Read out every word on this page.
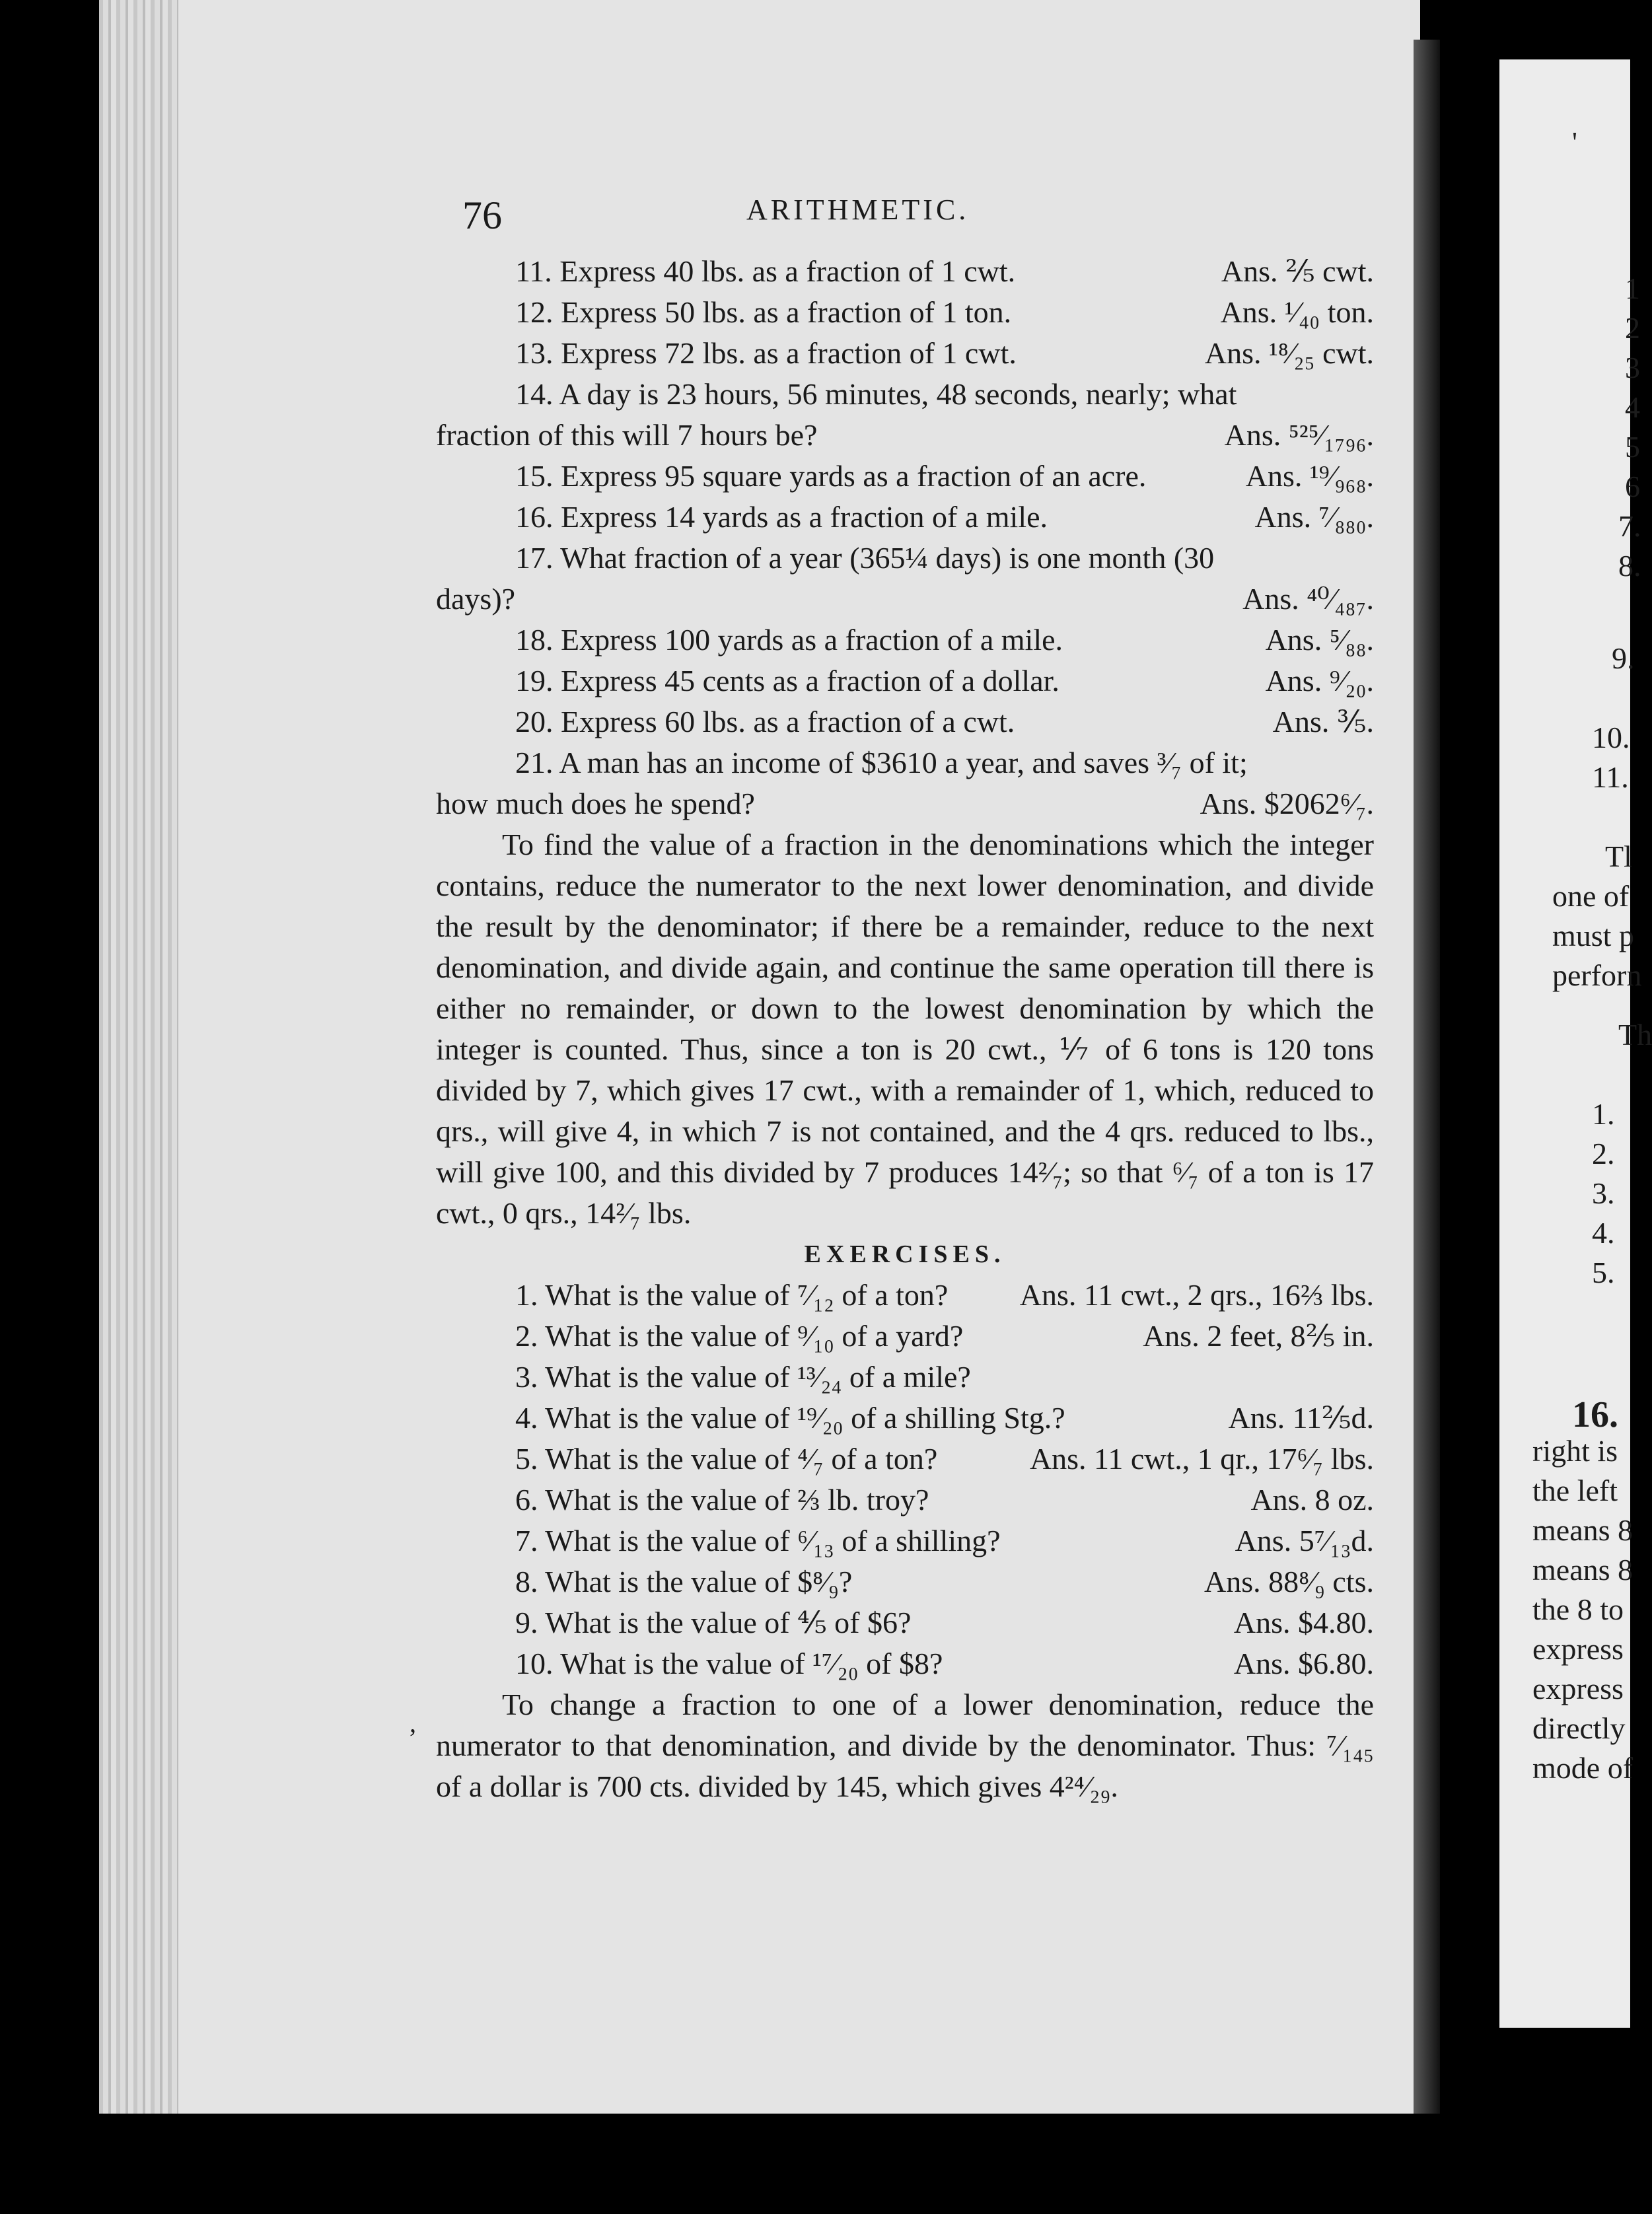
'
1
2
3
4
5
6
7.
8.
9.
10.
11.
Tl
one of
must p
perforn
Th
1.
2.
3.
4.
5.
16.
right is
the left
means 8
means 8
the 8 to
express
express
directly
mode of
76	ARITHMETIC.
,
11. Express 40 lbs. as a fraction of 1 cwt.	Ans. ⅖ cwt.
12. Express 50 lbs. as a fraction of 1 ton.	Ans. ¹⁄₄₀ ton.
13. Express 72 lbs. as a fraction of 1 cwt.	Ans. ¹⁸⁄₂₅ cwt.
14. A day is 23 hours, 56 minutes, 48 seconds, nearly; what
fraction of this will 7 hours be?	Ans. ⁵²⁵⁄₁₇₉₆.
15. Express 95 square yards as a fraction of an acre.	Ans. ¹⁹⁄₉₆₈.
16. Express 14 yards as a fraction of a mile.	Ans. ⁷⁄₈₈₀.
17. What fraction of a year (365¼ days) is one month (30
days)?	Ans. ⁴⁰⁄₄₈₇.
18. Express 100 yards as a fraction of a mile.	Ans. ⁵⁄₈₈.
19. Express 45 cents as a fraction of a dollar.	Ans. ⁹⁄₂₀.
20. Express 60 lbs. as a fraction of a cwt.	Ans. ⅗.
21. A man has an income of $3610 a year, and saves ³⁄₇ of it;
how much does he spend?	Ans. $2062⁶⁄₇.

To find the value of a fraction in the denominations which the integer contains, reduce the numerator to the next lower denomination, and divide the result by the denominator; if there be a remainder, reduce to the next denomination, and divide again, and continue the same operation till there is either no remainder, or down to the lowest denomination by which the integer is counted. Thus, since a ton is 20 cwt., ⅐ of 6 tons is 120 tons divided by 7, which gives 17 cwt., with a remainder of 1, which, reduced to qrs., will give 4, in which 7 is not contained, and the 4 qrs. reduced to lbs., will give 100, and this divided by 7 produces 14²⁄₇; so that ⁶⁄₇ of a ton is 17 cwt., 0 qrs., 14²⁄₇ lbs.

EXERCISES.
1. What is the value of ⁷⁄₁₂ of a ton? Ans. 11 cwt., 2 qrs., 16⅔ lbs.
2. What is the value of ⁹⁄₁₀ of a yard?	Ans. 2 feet, 8⅖ in.
3. What is the value of ¹³⁄₂₄ of a mile?
4. What is the value of ¹⁹⁄₂₀ of a shilling Stg.?	Ans. 11⅖d.
5. What is the value of ⁴⁄₇ of a ton?	Ans. 11 cwt., 1 qr., 17⁶⁄₇ lbs.
6. What is the value of ⅔ lb. troy?	Ans. 8 oz.
7. What is the value of ⁶⁄₁₃ of a shilling?	Ans. 5⁷⁄₁₃d.
8. What is the value of $⁸⁄₉?	Ans. 88⁸⁄₉ cts.
9. What is the value of ⅘ of $6?	Ans. $4.80.
10. What is the value of ¹⁷⁄₂₀ of $8?	Ans. $6.80.

To change a fraction to one of a lower denomination, reduce the numerator to that denomination, and divide by the denominator. Thus: ⁷⁄₁₄₅ of a dollar is 700 cts. divided by 145, which gives 4²⁴⁄₂₉.
